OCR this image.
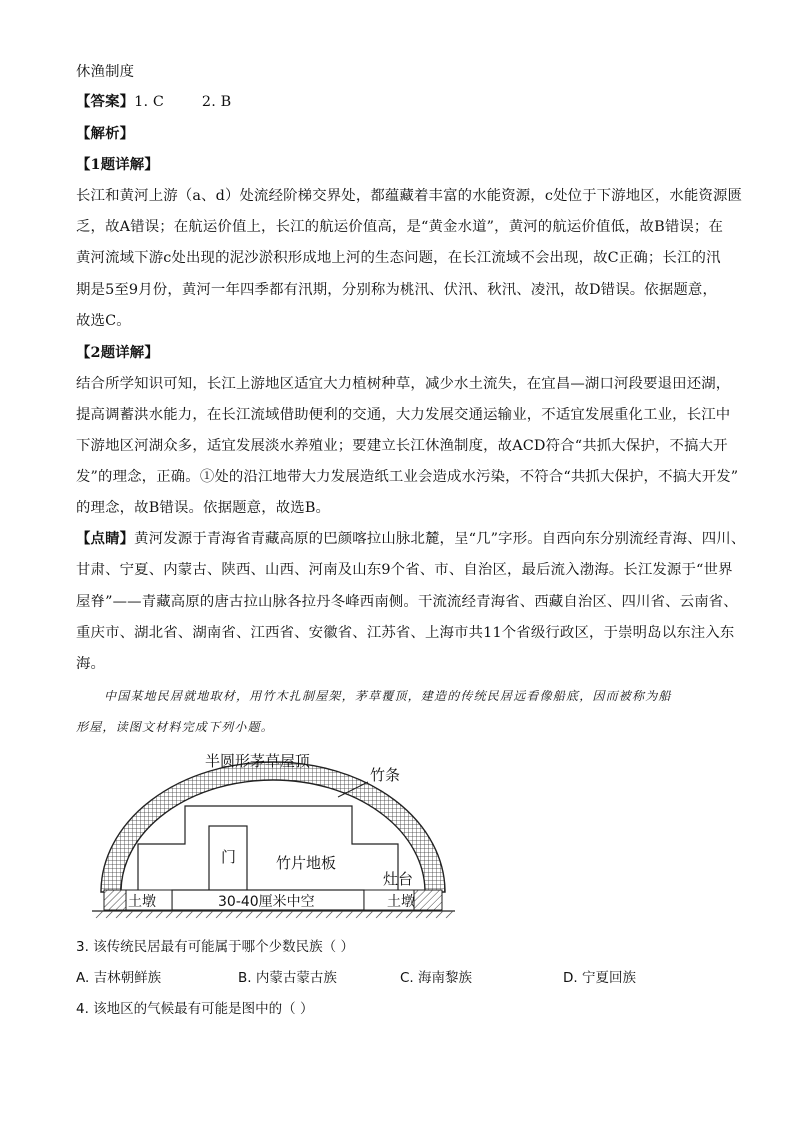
休渔制度
【答案】1. C        2. B
【解析】
【1题详解】
长江和黄河上游（a、d）处流经阶梯交界处，都蕴藏着丰富的水能资源，c处位于下游地区，水能资源匮
乏，故A错误；在航运价值上，长江的航运价值高，是“黄金水道”，黄河的航运价值低，故B错误；在
黄河流域下游c处出现的泥沙淤积形成地上河的生态问题，在长江流域不会出现，故C正确；长江的汛
期是5至9月份，黄河一年四季都有汛期，分别称为桃汛、伏汛、秋汛、凌汛，故D错误。依据题意，
故选C。
【2题详解】
结合所学知识可知，长江上游地区适宜大力植树种草，减少水土流失，在宜昌—湖口河段要退田还湖，
提高调蓄洪水能力，在长江流域借助便利的交通，大力发展交通运输业，不适宜发展重化工业，长江中
下游地区河湖众多，适宜发展淡水养殖业；要建立长江休渔制度，故ACD符合“共抓大保护，不搞大开
发”的理念，正确。①处的沿江地带大力发展造纸工业会造成水污染，不符合“共抓大保护，不搞大开发”
的理念，故B错误。依据题意，故选B。
【点睛】黄河发源于青海省青藏高原的巴颜喀拉山脉北麓，呈“几”字形。自西向东分别流经青海、四川、
甘肃、宁夏、内蒙古、陕西、山西、河南及山东9个省、市、自治区，最后流入渤海。长江发源于“世界
屋脊”——青藏高原的唐古拉山脉各拉丹冬峰西南侧。干流流经青海省、西藏自治区、四川省、云南省、
重庆市、湖北省、湖南省、江西省、安徽省、江苏省、上海市共11个省级行政区，于崇明岛以东注入东
海。
中国某地民居就地取材，用竹木扎制屋架，茅草覆顶，建造的传统民居远看像船底，因而被称为船
形屋，读图文材料完成下列小题。
半圆形茅草屋顶
竹条
门	竹片地板
灶台
土墩	土墩
30-40厘米中空
3. 该传统民居最有可能属于哪个少数民族（ ）
A. 吉林朝鲜族	B. 内蒙古蒙古族	C. 海南黎族	D. 宁夏回族
4. 该地区的气候最有可能是图中的（ ）
